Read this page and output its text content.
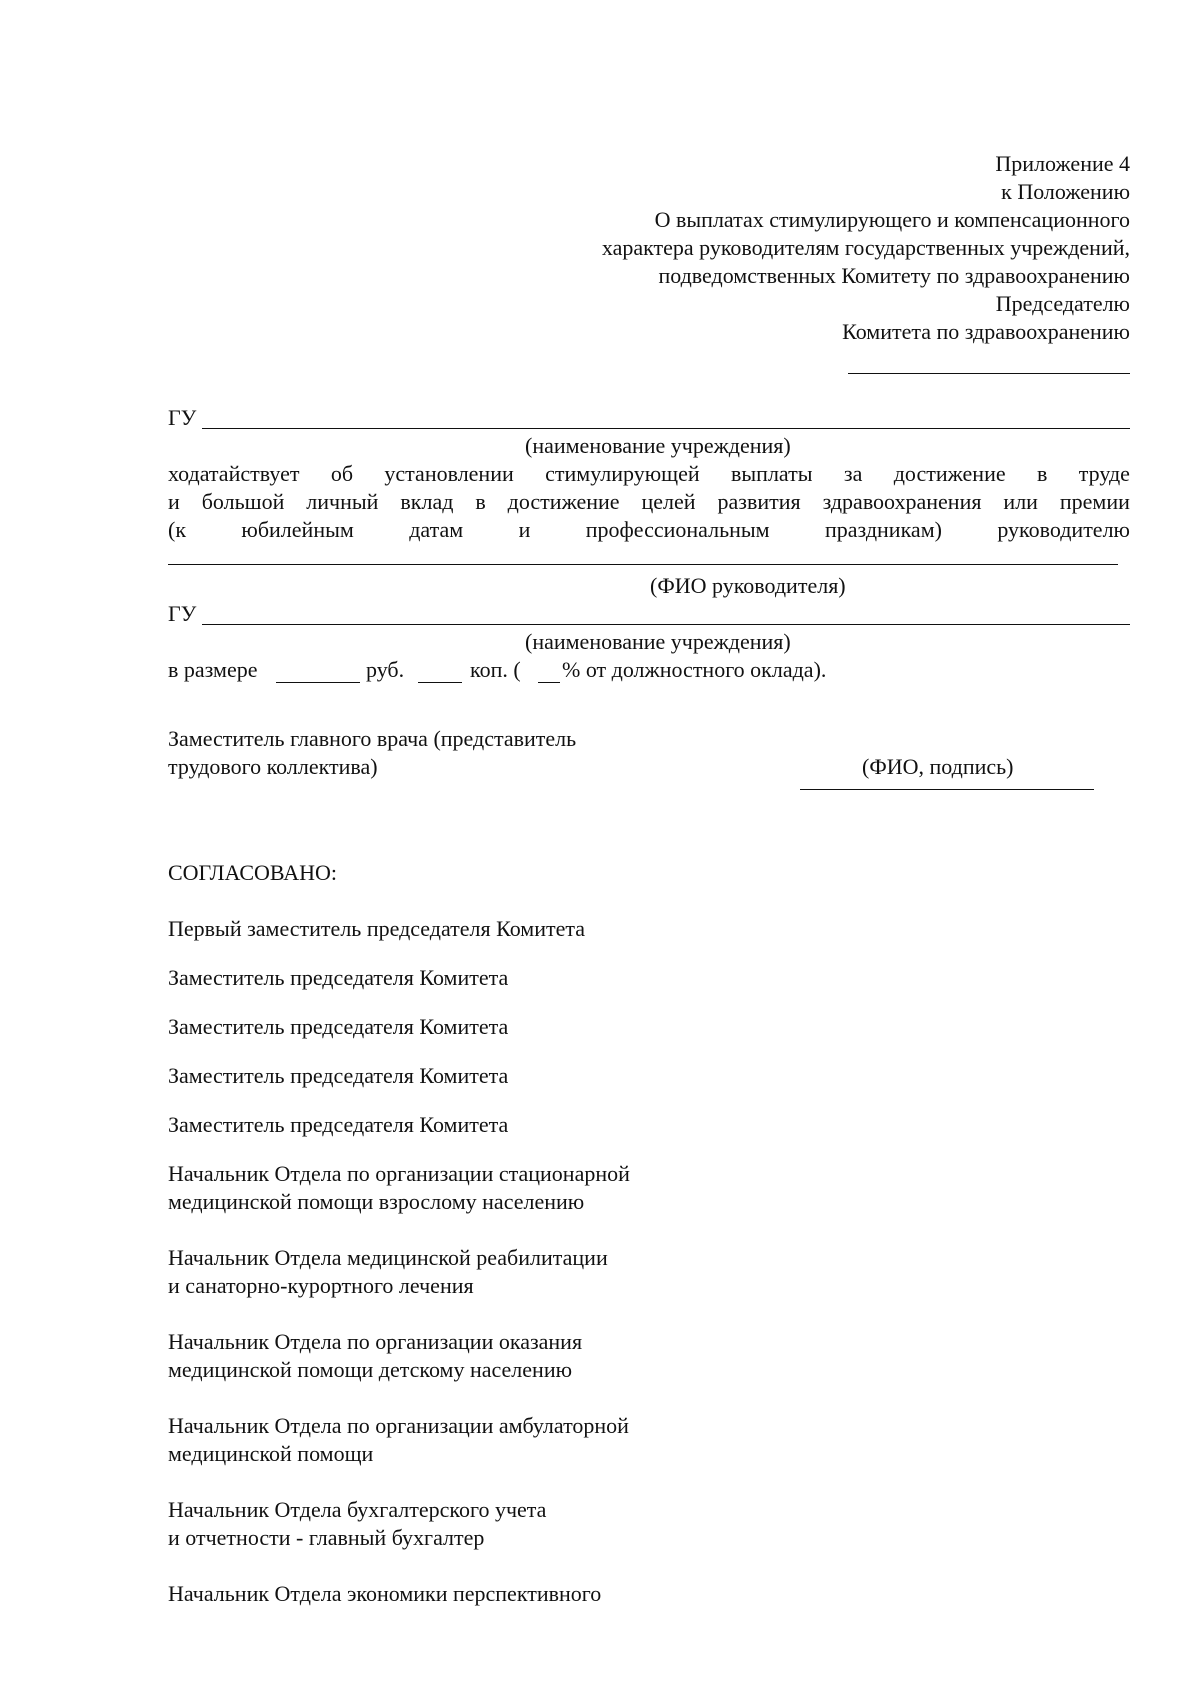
Приложение 4
к Положению
О выплатах стимулирующего и компенсационного
характера руководителям государственных учреждений,
подведомственных Комитету по здравоохранению
Председателю
Комитета по здравоохранению
ГУ
(наименование учреждения)
ходатайствует об установлении стимулирующей выплаты за достижение в труде
и большой личный вклад в достижение целей развития здравоохранения или премии
(к	юбилейным	датам	и	профессиональным	праздникам)	руководителю
(ФИО руководителя)
ГУ
(наименование учреждения)
в размере	руб.	коп. ( % от должностного оклада).
Заместитель главного врача (представитель
трудового коллектива)	(ФИО, подпись)
СОГЛАСОВАНО:
Первый заместитель председателя Комитета
Заместитель председателя Комитета
Заместитель председателя Комитета
Заместитель председателя Комитета
Заместитель председателя Комитета
Начальник Отдела по организации стационарной
медицинской помощи взрослому населению
Начальник Отдела медицинской реабилитации
и санаторно-курортного лечения
Начальник Отдела по организации оказания
медицинской помощи детскому населению
Начальник Отдела по организации амбулаторной
медицинской помощи
Начальник Отдела бухгалтерского учета
и отчетности - главный бухгалтер
Начальник Отдела экономики перспективного
